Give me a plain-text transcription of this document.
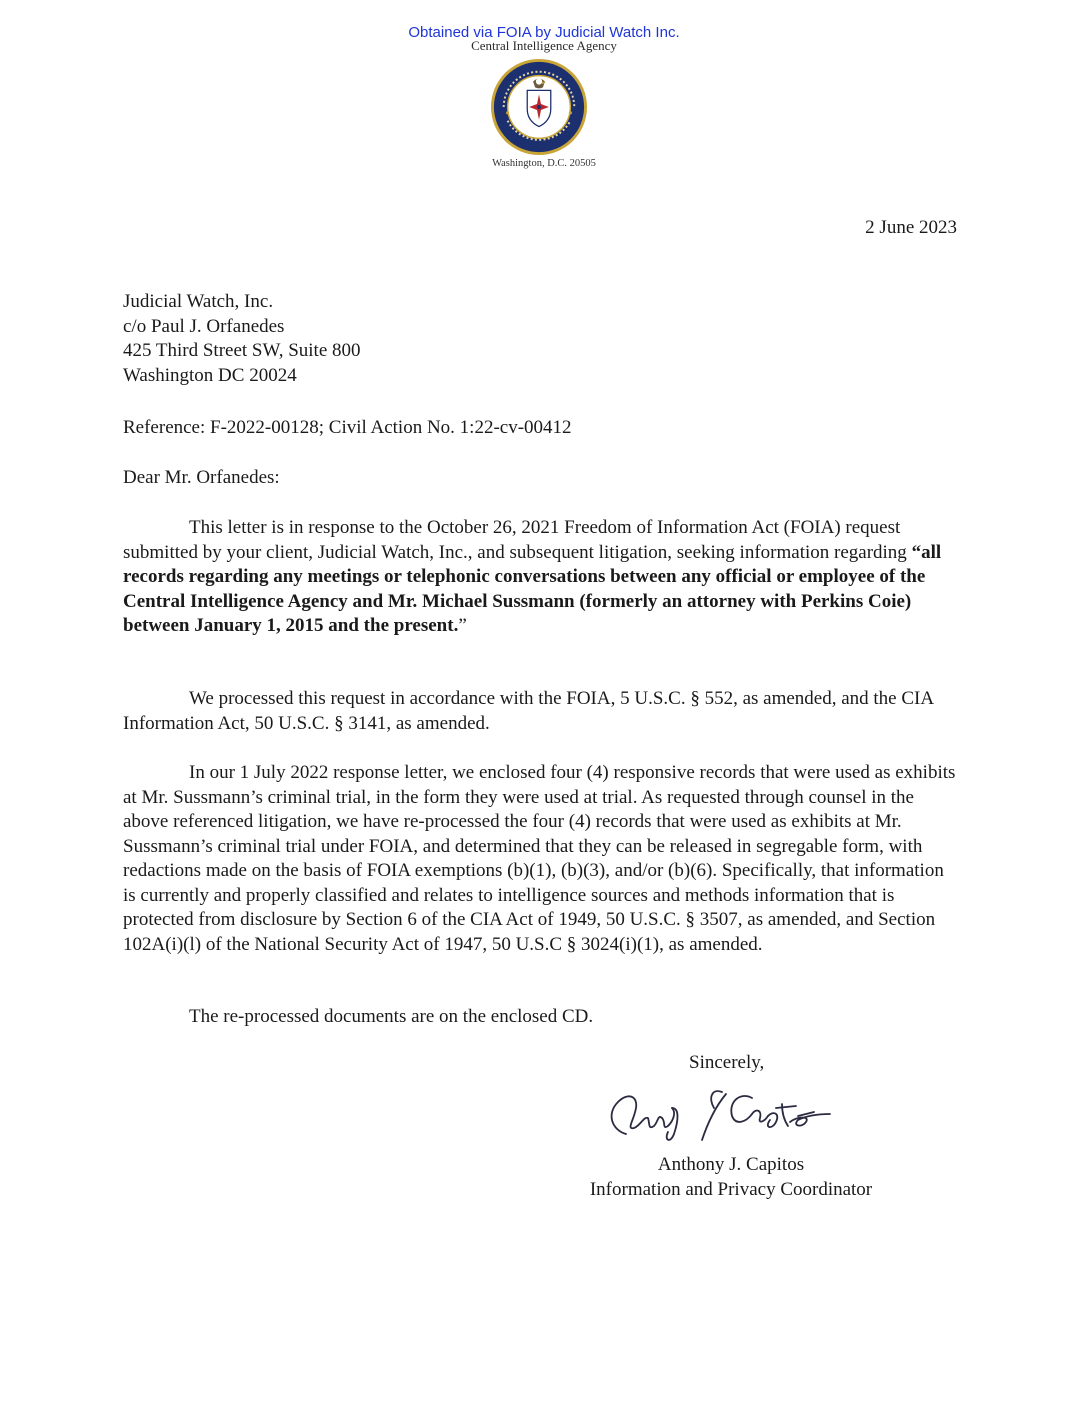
Obtained via FOIA by Judicial Watch Inc.
Central Intelligence Agency
Washington, D.C. 20505
2 June 2023
Judicial Watch, Inc.
c/o Paul J. Orfanedes
425 Third Street SW, Suite 800
Washington DC 20024
Reference: F-2022-00128; Civil Action No. 1:22-cv-00412
Dear Mr. Orfanedes:
This letter is in response to the October 26, 2021 Freedom of Information Act (FOIA) request submitted by your client, Judicial Watch, Inc., and subsequent litigation, seeking information regarding “all records regarding any meetings or telephonic conversations between any official or employee of the Central Intelligence Agency and Mr. Michael Sussmann (formerly an attorney with Perkins Coie) between January 1, 2015 and the present.”
We processed this request in accordance with the FOIA, 5 U.S.C. § 552, as amended, and the CIA Information Act, 50 U.S.C. § 3141, as amended.
In our 1 July 2022 response letter, we enclosed four (4) responsive records that were used as exhibits at Mr. Sussmann’s criminal trial, in the form they were used at trial. As requested through counsel in the above referenced litigation, we have re-processed the four (4) records that were used as exhibits at Mr. Sussmann’s criminal trial under FOIA, and determined that they can be released in segregable form, with redactions made on the basis of FOIA exemptions (b)(1), (b)(3), and/or (b)(6). Specifically, that information is currently and properly classified and relates to intelligence sources and methods information that is protected from disclosure by Section 6 of the CIA Act of 1949, 50 U.S.C. § 3507, as amended, and Section 102A(i)(l) of the National Security Act of 1947, 50 U.S.C § 3024(i)(1), as amended.
The re-processed documents are on the enclosed CD.
Sincerely,
Anthony J. Capitos
Information and Privacy Coordinator
